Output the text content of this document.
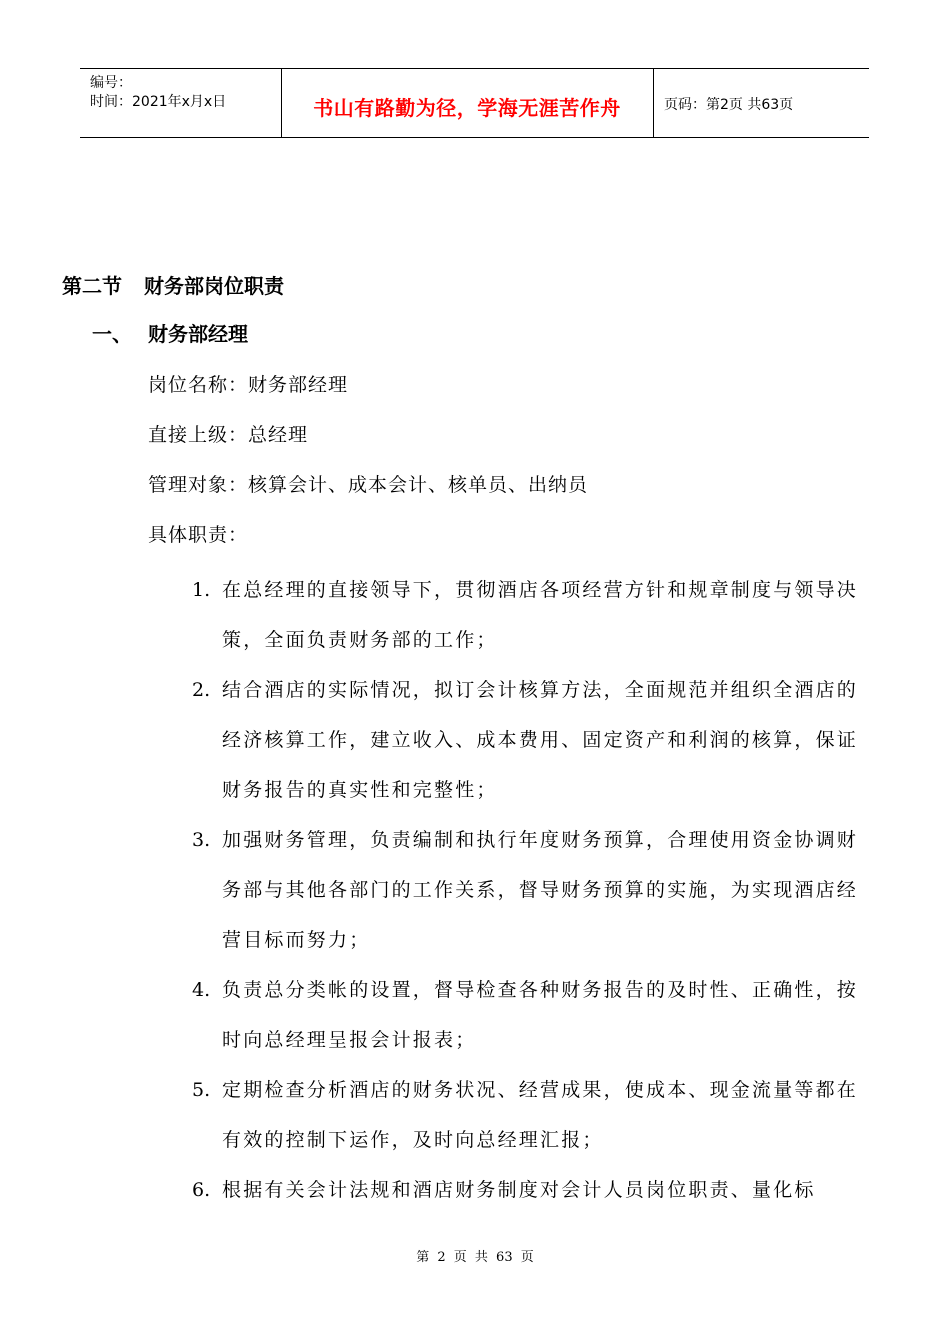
编号：
时间：2021年x月x日	书山有路勤为径，学海无涯苦作舟	页码：第2页 共63页
第二节 财务部岗位职责
一、 财务部经理
岗位名称：财务部经理
直接上级：总经理
管理对象：核算会计、成本会计、核单员、出纳员
具体职责：
1. 在总经理的直接领导下，贯彻酒店各项经营方针和规章制度与领导决策，全面负责财务部的工作；
2. 结合酒店的实际情况，拟订会计核算方法，全面规范并组织全酒店的经济核算工作，建立收入、成本费用、固定资产和利润的核算，保证财务报告的真实性和完整性；
3. 加强财务管理，负责编制和执行年度财务预算，合理使用资金协调财务部与其他各部门的工作关系，督导财务预算的实施，为实现酒店经营目标而努力；
4. 负责总分类帐的设置，督导检查各种财务报告的及时性、正确性，按时向总经理呈报会计报表；
5. 定期检查分析酒店的财务状况、经营成果，使成本、现金流量等都在有效的控制下运作，及时向总经理汇报；
6. 根据有关会计法规和酒店财务制度对会计人员岗位职责、量化标
第 2 页 共 63 页
